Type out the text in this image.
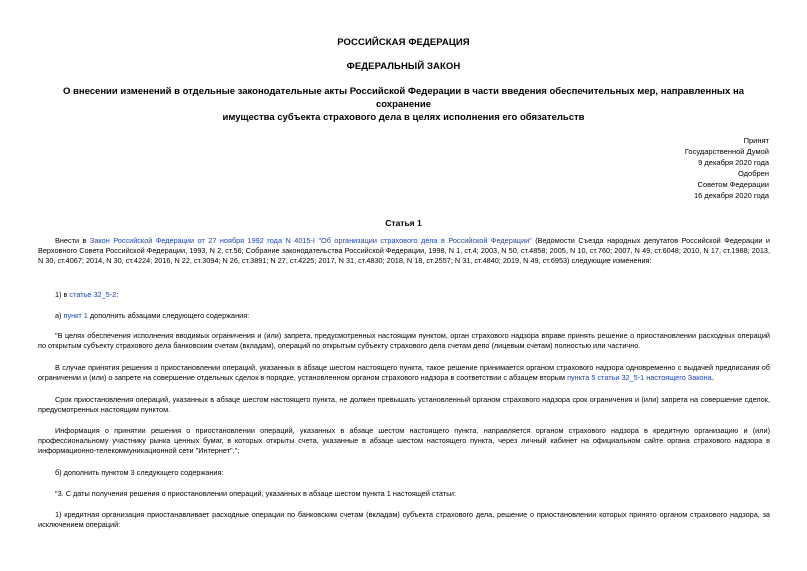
РОССИЙСКАЯ ФЕДЕРАЦИЯ
ФЕДЕРАЛЬНЫЙ ЗАКОН
О внесении изменений в отдельные законодательные акты Российской Федерации в части введения обеспечительных мер, направленных на сохранение
имущества субъекта страхового дела в целях исполнения его обязательств
Принят
Государственной Думой
9 декабря 2020 года
Одобрен
Советом Федерации
16 декабря 2020 года
Статья 1
Внести в Закон Российской Федерации от 27 ноября 1992 года N 4015-I "Об организации страхового дела в Российской Федерации" (Ведомости Съезда народных депутатов Российской Федерации и Верховного Совета Российской Федерации, 1993, N 2, ст.56; Собрание законодательства Российской Федерации, 1998, N 1, ст.4; 2003, N 50, ст.4858; 2005, N 10, ст.760; 2007, N 49, ст.6048; 2010, N 17, ст.1988; 2013, N 30, ст.4067; 2014, N 30, ст.4224; 2016, N 22, ст.3094; N 26, ст.3891; N 27, ст.4225; 2017, N 31, ст.4830; 2018, N 18, ст.2557; N 31, ст.4840; 2019, N 49, ст.6953) следующие изменения:
1) в статье 32_5-2:
а) пункт 1 дополнить абзацами следующего содержания:
"В целях обеспечения исполнения вводимых ограничения и (или) запрета, предусмотренных настоящим пунктом, орган страхового надзора вправе принять решение о приостановлении расходных операций по открытым субъекту страхового дела банковским счетам (вкладам), операций по открытым субъекту страхового дела счетам депо (лицевым счетам) полностью или частично.
В случае принятия решения о приостановлении операций, указанных в абзаце шестом настоящего пункта, такое решение принимается органом страхового надзора одновременно с выдачей предписания об ограничении и (или) о запрете на совершение отдельных сделок в порядке, установленном органом страхового надзора в соответствии с абзацем вторым пункта 5 статьи 32_5-1 настоящего Закона.
Срок приостановления операций, указанных в абзаце шестом настоящего пункта, не должен превышать установленный органом страхового надзора срок ограничения и (или) запрета на совершение сделок, предусмотренных настоящим пунктом.
Информация о принятии решения о приостановлении операций, указанных в абзаце шестом настоящего пункта, направляется органом страхового надзора в кредитную организацию и (или) профессиональному участнику рынка ценных бумаг, в которых открыты счета, указанные в абзаце шестом настоящего пункта, через личный кабинет на официальном сайте органа страхового надзора в информационно-телекоммуникационной сети "Интернет".";
б) дополнить пунктом 3 следующего содержания:
"3. С даты получения решения о приостановлении операций, указанных в абзаце шестом пункта 1 настоящей статьи:
1) кредитная организация приостанавливает расходные операции по банковским счетам (вкладам) субъекта страхового дела, решение о приостановлении которых принято органом страхового надзора, за исключением операций:
